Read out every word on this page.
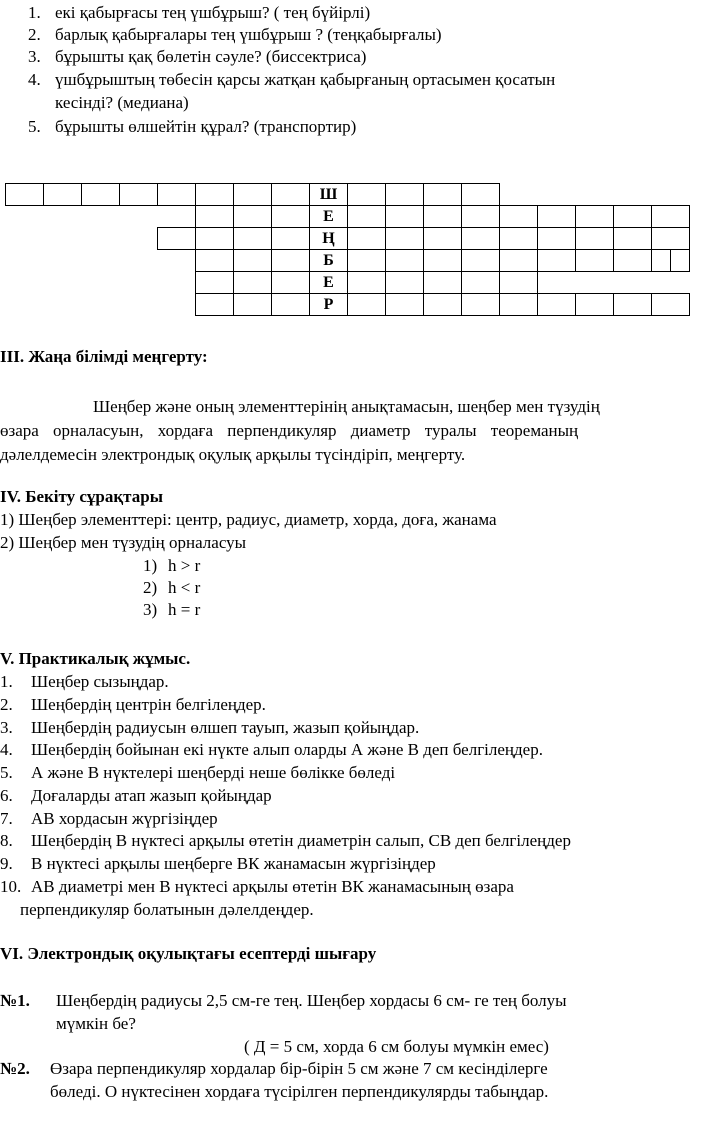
1. екі қабырғасы тең үшбұрыш? ( тең бүйірлі)
2. барлық қабырғалары тең үшбұрыш ? (теңқабырғалы)
3. бұрышты қақ бөлетін сәуле? (биссектриса)
4. үшбұрыштың төбесін қарсы жатқан қабырғаның ортасымен қосатын
кесінді? (медиана)
5. бұрышты өлшейтін құрал? (транспортир)
								Ш				
			Е									
				Ң									
			Б										
			Е					
			Р									
III. Жаңа білімді меңгерту:
Шеңбер және оның элементтерінің анықтамасын, шеңбер мен түзудің
өзара орналасуын, хордаға перпендикуляр диаметр туралы теореманың
дәлелдемесін электрондық оқулық арқылы түсіндіріп, меңгерту.
IV. Бекіту сұрақтары
1) Шеңбер элементтері: центр, радиус, диаметр, хорда, доға, жанама
2) Шеңбер мен түзудің орналасуы
1) h > r
2) h < r
3) h = r
V. Практикалық жұмыс.
1. Шеңбер сызыңдар.
2. Шеңбердің центрін белгілеңдер.
3. Шеңбердің радиусын өлшеп тауып, жазып қойыңдар.
4. Шеңбердің бойынан екі нүкте алып оларды А және В деп белгілеңдер.
5. А және В нүктелері шеңберді неше бөлікке бөледі
6. Доғаларды атап жазып қойыңдар
7. АВ хордасын жүргізіңдер
8. Шеңбердің В нүктесі арқылы өтетін диаметрін салып, СВ деп белгілеңдер
9. В нүктесі арқылы шеңберге ВК жанамасын жүргізіңдер
10. АВ диаметрі мен В нүктесі арқылы өтетін ВК жанамасының өзара
перпендикуляр болатынын дәлелдеңдер.
VI. Электрондық оқулықтағы есептерді шығару
№1. Шеңбердің радиусы 2,5 см-ге тең. Шеңбер хордасы 6 см- ге тең болуы
мүмкін бе?
( Д = 5 см, хорда 6 см болуы мүмкін емес)
№2. Өзара перпендикуляр хордалар бір-бірін 5 см және 7 см кесінділерге
бөледі. О нүктесінен хордаға түсірілген перпендикулярды табыңдар.
